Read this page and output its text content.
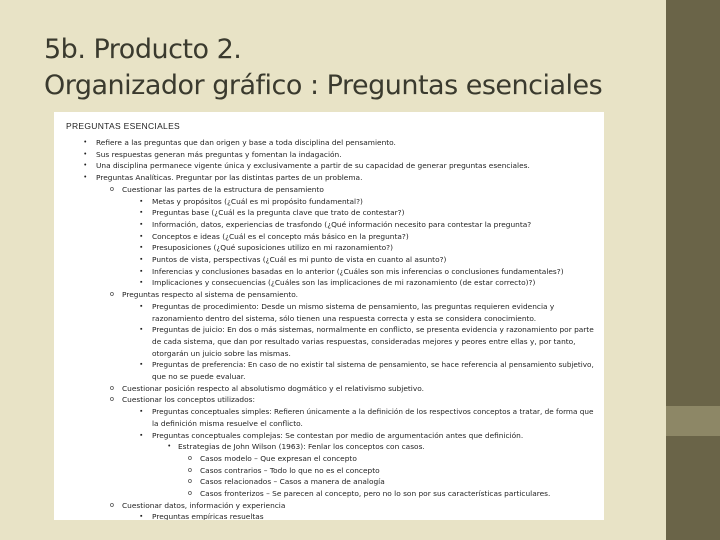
5b. Producto 2.
Organizador gráfico : Preguntas esenciales
PREGUNTAS ESENCIALES
• Refiere a las preguntas que dan origen y base a toda disciplina del pensamiento.
• Sus respuestas generan más preguntas y fomentan la indagación.
• Una disciplina permanece vigente única y exclusivamente a partir de su capacidad de generar preguntas esenciales.
• Preguntas Analíticas. Preguntar por las distintas partes de un problema.
o Cuestionar las partes de la estructura de pensamiento
▪ Metas y propósitos (¿Cuál es mi propósito fundamental?)
▪ Preguntas base (¿Cuál es la pregunta clave que trato de contestar?)
▪ Información, datos, experiencias de trasfondo (¿Qué información necesito para contestar la pregunta?
▪ Conceptos e ideas (¿Cuál es el concepto más básico en la pregunta?)
▪ Presuposiciones (¿Qué suposiciones utilizo en mi razonamiento?)
▪ Puntos de vista, perspectivas (¿Cuál es mi punto de vista en cuanto al asunto?)
▪ Inferencias y conclusiones basadas en lo anterior (¿Cuáles son mis inferencias o conclusiones fundamentales?)
▪ Implicaciones y consecuencias (¿Cuáles son las implicaciones de mi razonamiento (de estar correcto)?)
o Preguntas respecto al sistema de pensamiento.
▪ Preguntas de procedimiento: Desde un mismo sistema de pensamiento, las preguntas requieren evidencia y
razonamiento dentro del sistema, sólo tienen una respuesta correcta y esta se considera conocimiento.
▪ Preguntas de juicio: En dos o más sistemas, normalmente en conflicto, se presenta evidencia y razonamiento por parte
de cada sistema, que dan por resultado varias respuestas, consideradas mejores y peores entre ellas y, por tanto,
otorgarán un juicio sobre las mismas.
▪ Preguntas de preferencia: En caso de no existir tal sistema de pensamiento, se hace referencia al pensamiento subjetivo,
que no se puede evaluar.
o Cuestionar posición respecto al absolutismo dogmático y el relativismo subjetivo.
o Cuestionar los conceptos utilizados:
▪ Preguntas conceptuales simples: Refieren únicamente a la definición de los respectivos conceptos a tratar, de forma que
la definición misma resuelve el conflicto.
▪ Preguntas conceptuales complejas: Se contestan por medio de argumentación antes que definición.
• Estrategias de John Wilson (1963): Fenlar los conceptos con casos.
o Casos modelo – Que expresan el concepto
o Casos contrarios – Todo lo que no es el concepto
o Casos relacionados – Casos a manera de analogía
o Casos fronterizos – Se parecen al concepto, pero no lo son por sus características particulares.
o Cuestionar datos, información y experiencia
▪ Preguntas empíricas resueltas
